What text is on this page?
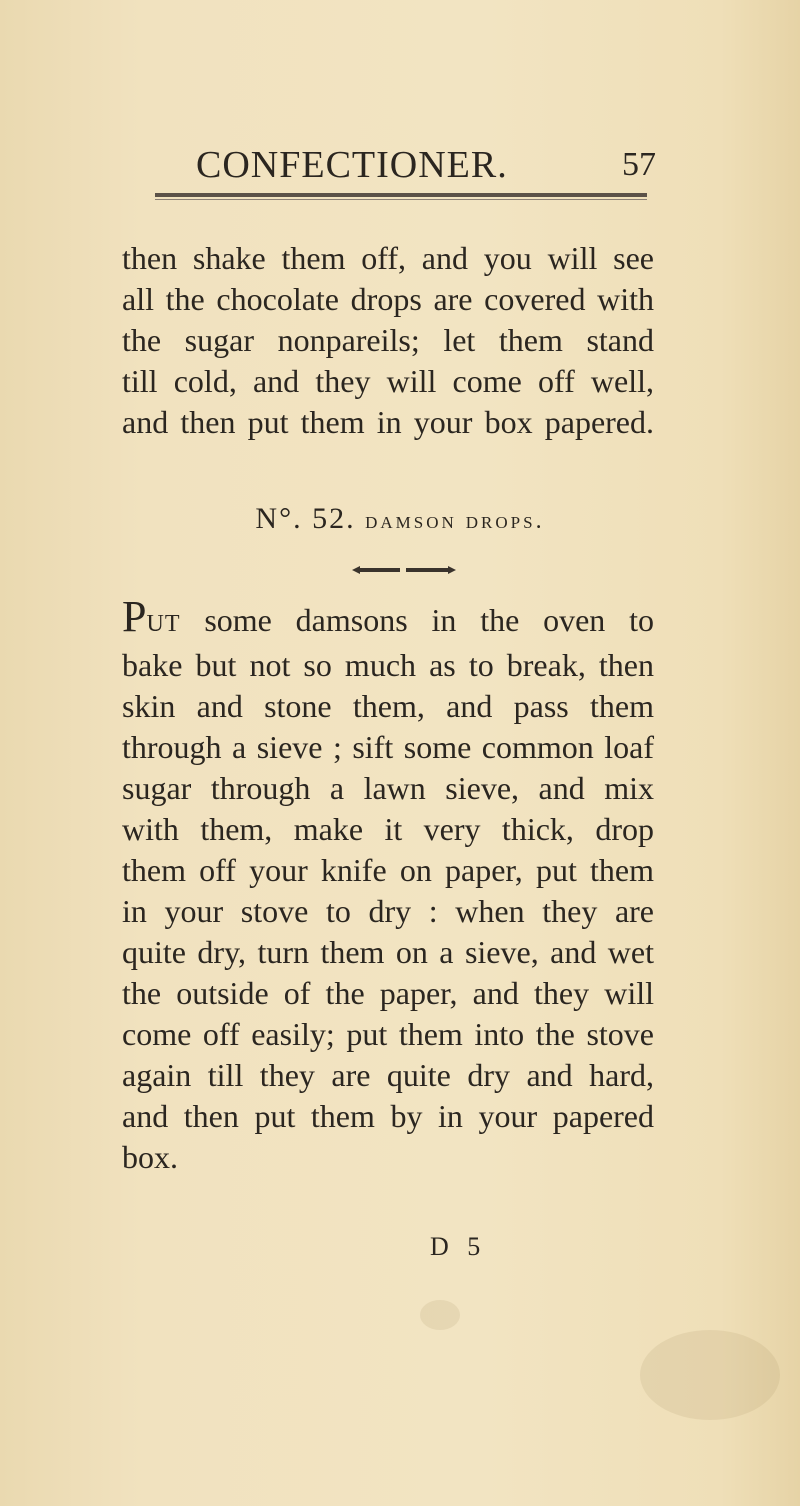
CONFECTIONER.	57
then shake them off, and you will see
all the chocolate drops are covered with
the sugar nonpareils; let them stand
till cold, and they will come off well,
and then put them in your box papered.
N°. 52. damson drops.
PUT some damsons in the oven to
bake but not so much as to break, then
skin and stone them, and pass them
through a sieve ; sift some common loaf
sugar through a lawn sieve, and mix
with them, make it very thick, drop
them off your knife on paper, put them
in your stove to dry : when they are
quite dry, turn them on a sieve, and wet
the outside of the paper, and they will
come off easily; put them into the stove
again till they are quite dry and hard,
and then put them by in your papered
box.
D 5
